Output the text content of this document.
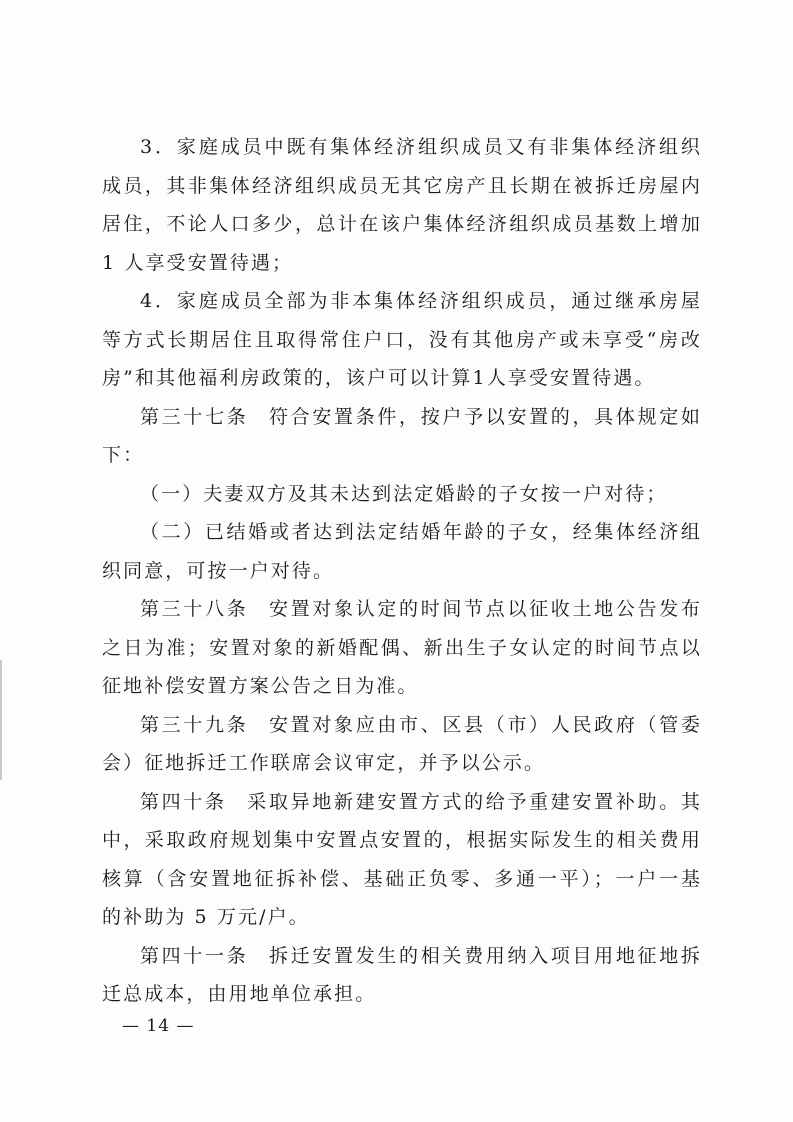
3．家庭成员中既有集体经济组织成员又有非集体经济组织成员，其非集体经济组织成员无其它房产且长期在被拆迁房屋内居住，不论人口多少，总计在该户集体经济组织成员基数上增加 1 人享受安置待遇；

4．家庭成员全部为非本集体经济组织成员，通过继承房屋等方式长期居住且取得常住户口，没有其他房产或未享受“房改房”和其他福利房政策的，该户可以计算1人享受安置待遇。

第三十七条 符合安置条件，按户予以安置的，具体规定如下：

（一）夫妻双方及其未达到法定婚龄的子女按一户对待；

（二）已结婚或者达到法定结婚年龄的子女，经集体经济组织同意，可按一户对待。

第三十八条 安置对象认定的时间节点以征收土地公告发布之日为准；安置对象的新婚配偶、新出生子女认定的时间节点以征地补偿安置方案公告之日为准。

第三十九条 安置对象应由市、区县（市）人民政府（管委会）征地拆迁工作联席会议审定，并予以公示。

第四十条 采取异地新建安置方式的给予重建安置补助。其中，采取政府规划集中安置点安置的，根据实际发生的相关费用核算（含安置地征拆补偿、基础正负零、多通一平）；一户一基的补助为 5 万元/户。

第四十一条 拆迁安置发生的相关费用纳入项目用地征地拆迁总成本，由用地单位承担。

— 14 —
